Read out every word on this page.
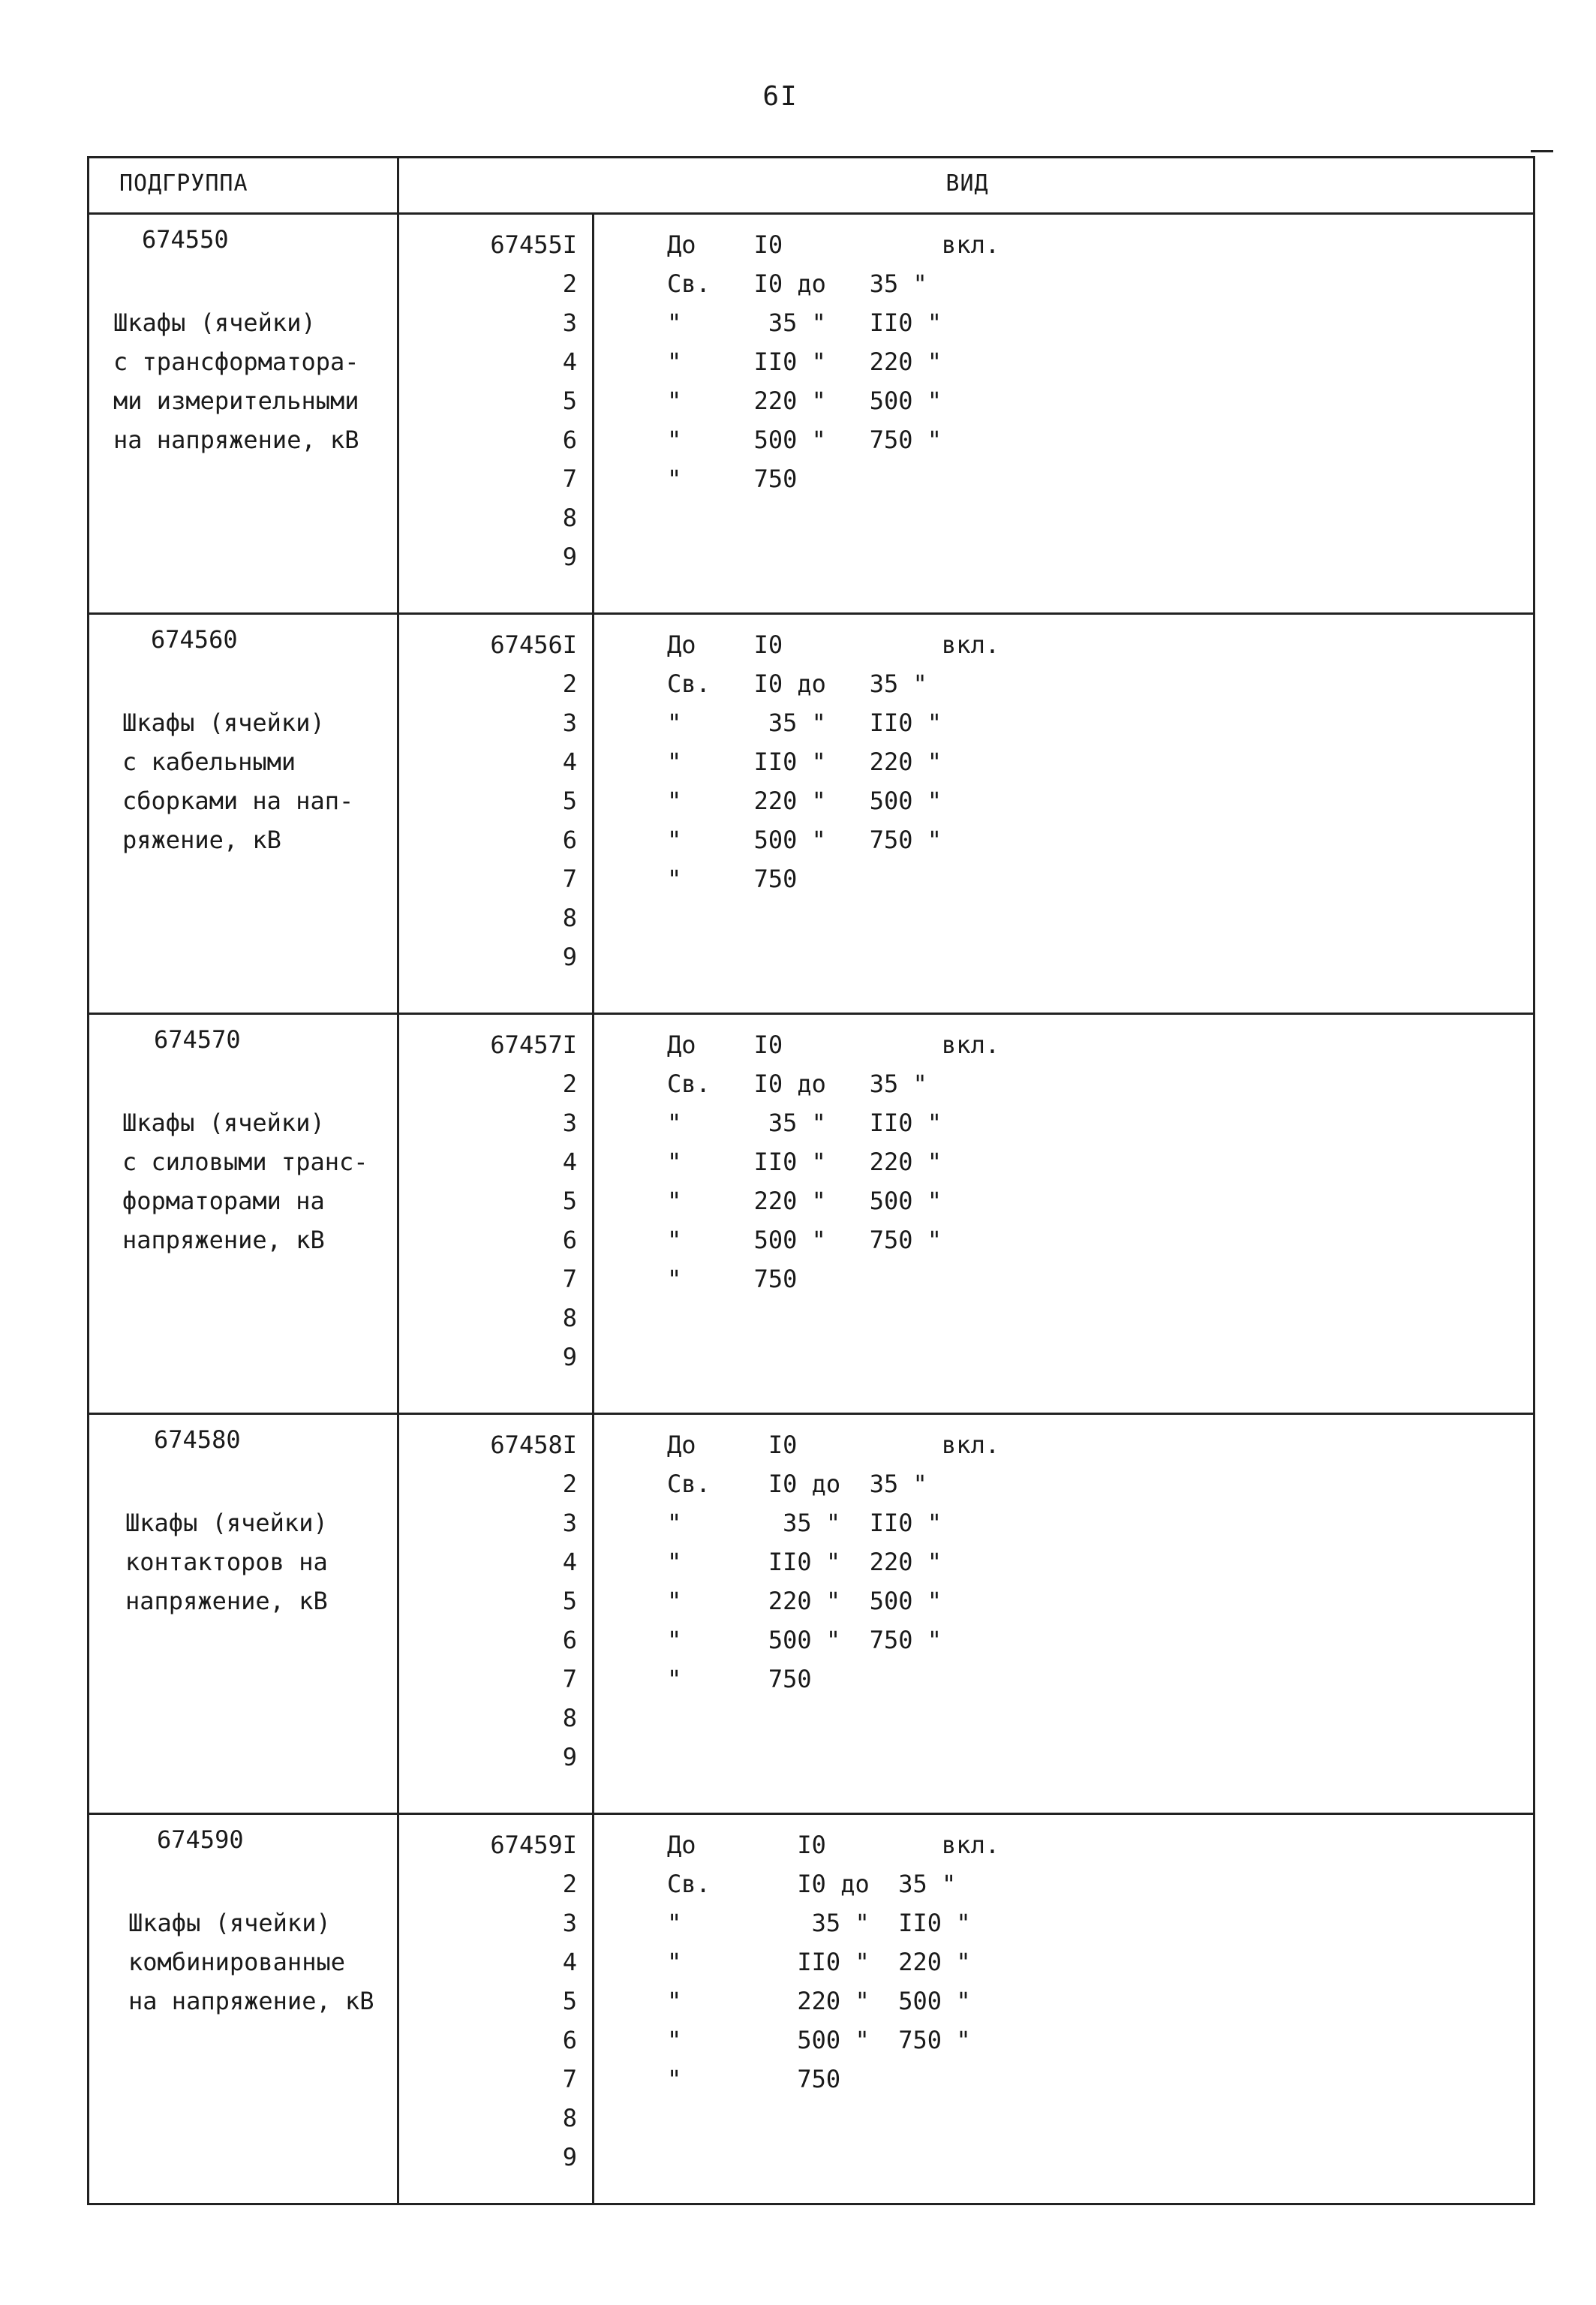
6I
ПОДГРУППА	ВИД
674550
Шкафы (ячейки)
с трансформатора-
ми измерительными
на напряжение, кВ
67455I
2
3
4
5
6
7
8
9
До    I0           вкл.
Св.   I0 до   35 "
"      35 "   II0 "
"     II0 "   220 "
"     220 "   500 "
"     500 "   750 "
"     750
674560
Шкафы (ячейки)
с кабельными
сборками на нап-
ряжение, кВ
67456I
2
3
4
5
6
7
8
9
До    I0           вкл.
Св.   I0 до   35 "
"      35 "   II0 "
"     II0 "   220 "
"     220 "   500 "
"     500 "   750 "
"     750
674570
Шкафы (ячейки)
с силовыми транс-
форматорами на
напряжение, кВ
67457I
2
3
4
5
6
7
8
9
До    I0           вкл.
Св.   I0 до   35 "
"      35 "   II0 "
"     II0 "   220 "
"     220 "   500 "
"     500 "   750 "
"     750
674580
Шкафы (ячейки)
контакторов на
напряжение, кВ
67458I
2
3
4
5
6
7
8
9
До     I0          вкл.
Св.    I0 до  35 "
"       35 "  II0 "
"      II0 "  220 "
"      220 "  500 "
"      500 "  750 "
"      750
674590
Шкафы (ячейки)
комбинированные
на напряжение, кВ
67459I
2
3
4
5
6
7
8
9
До       I0        вкл.
Св.      I0 до  35 "
"         35 "  II0 "
"        II0 "  220 "
"        220 "  500 "
"        500 "  750 "
"        750
